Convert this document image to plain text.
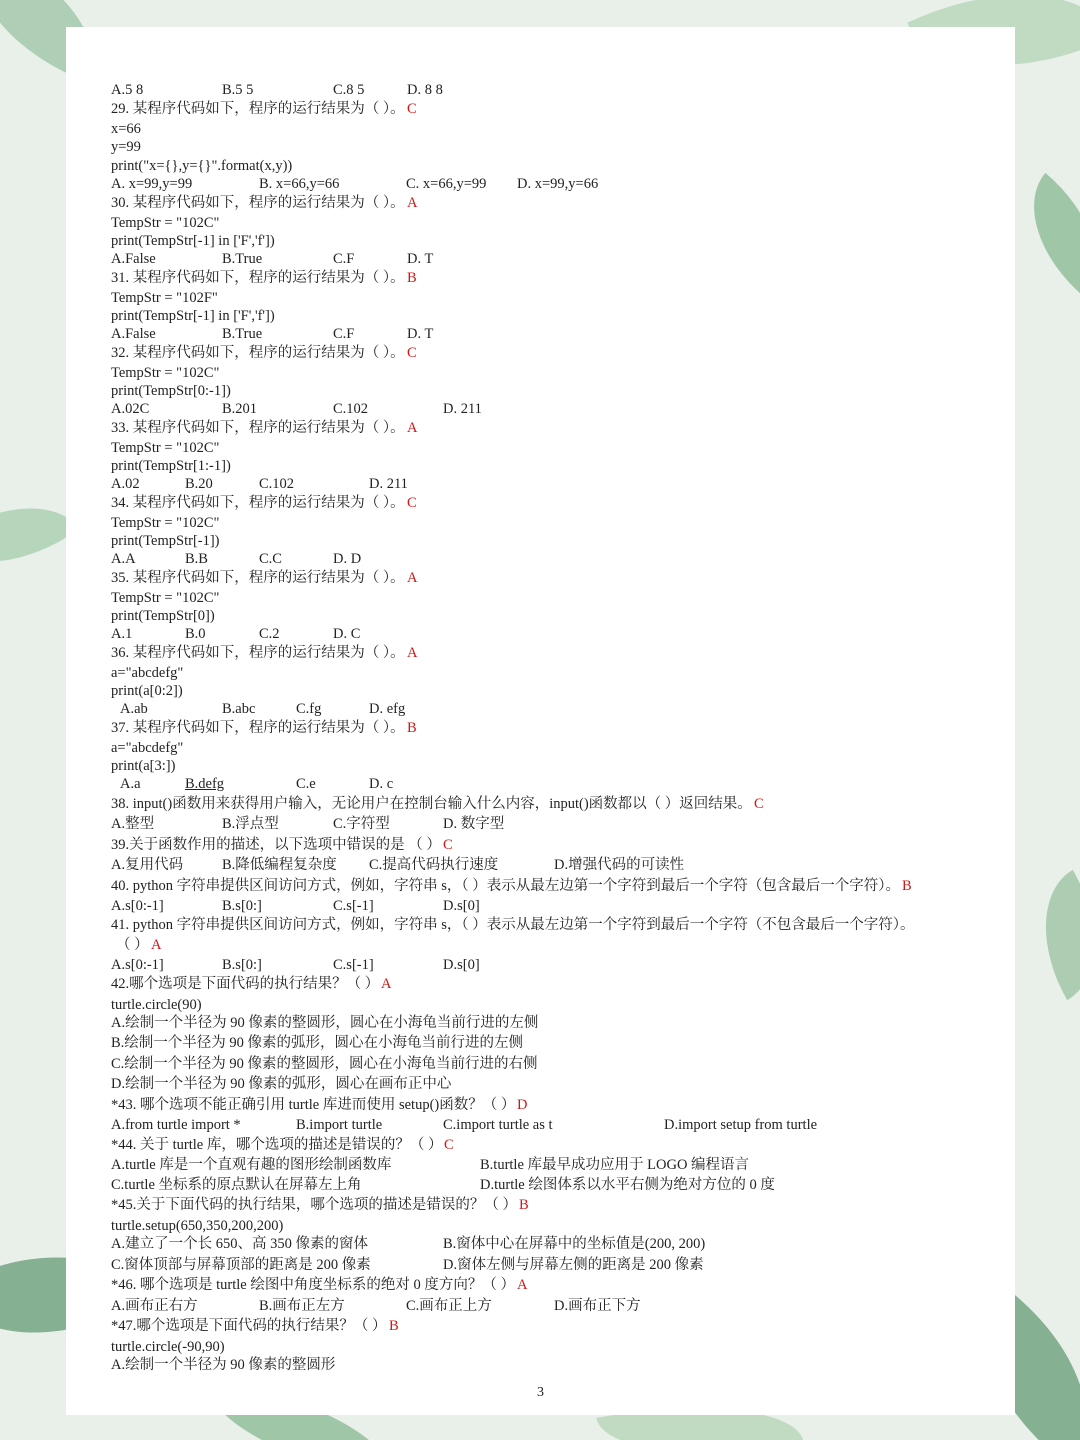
3
A.5 8	B.5 5	C.8 5	D. 8 8
29. 某程序代码如下，程序的运行结果为（ ）。 C
x=66
y=99
print("x={},y={}".format(x,y))
A. x=99,y=99	B. x=66,y=66	C. x=66,y=99 D. x=99,y=66
30. 某程序代码如下，程序的运行结果为（ ）。 A
TempStr = "102C"
print(TempStr[-1] in ['F','f'])
A.False	B.True	C.F	D. T
31. 某程序代码如下，程序的运行结果为（ ）。 B
TempStr = "102F"
print(TempStr[-1] in ['F','f'])
A.False	B.True	C.F	D. T
32. 某程序代码如下，程序的运行结果为（ ）。 C
TempStr = "102C"
print(TempStr[0:-1])
A.02C	B.201	C.102	D. 211
33. 某程序代码如下，程序的运行结果为（ ）。 A
TempStr = "102C"
print(TempStr[1:-1])
A.02	B.20	C.102	D. 211
34. 某程序代码如下，程序的运行结果为（ ）。 C
TempStr = "102C"
print(TempStr[-1])
A.A	B.B	C.C	D. D
35. 某程序代码如下，程序的运行结果为（ ）。 A
TempStr = "102C"
print(TempStr[0])
A.1	B.0	C.2	D. C
36. 某程序代码如下，程序的运行结果为（ ）。 A
a="abcdefg"
print(a[0:2])
A.ab	B.abc	C.fg	D. efg
37. 某程序代码如下，程序的运行结果为（ ）。 B
a="abcdefg"
print(a[3:])
A.a	B.defg	C.e	D. c
38. input()函数用来获得用户输入，无论用户在控制台输入什么内容，input()函数都以（ ）返回结果。 C
A.整型	B.浮点型	C.字符型	D. 数字型
39.关于函数作用的描述，以下选项中错误的是 （ ） C
A.复用代码	B.降低编程复杂度 C.提高代码执行速度	D.增强代码的可读性
40. python 字符串提供区间访问方式，例如，字符串 s，（ ）表示从最左边第一个字符到最后一个字符（包含最后一个字符）。 B
A.s[0:-1]	B.s[0:]	C.s[-1]	D.s[0]
41. python 字符串提供区间访问方式，例如，字符串 s，（ ）表示从最左边第一个字符到最后一个字符（不包含最后一个字符）。
（ ） A
A.s[0:-1]	B.s[0:]	C.s[-1]	D.s[0]
42.哪个选项是下面代码的执行结果？（ ） A
turtle.circle(90)
A.绘制一个半径为 90 像素的整圆形，圆心在小海龟当前行进的左侧
B.绘制一个半径为 90 像素的弧形，圆心在小海龟当前行进的左侧
C.绘制一个半径为 90 像素的整圆形，圆心在小海龟当前行进的右侧
D.绘制一个半径为 90 像素的弧形，圆心在画布正中心
*43. 哪个选项不能正确引用 turtle 库进而使用 setup()函数？（ ） D
A.from turtle import *	B.import turtle	C.import turtle as t	D.import setup from turtle
*44. 关于 turtle 库，哪个选项的描述是错误的？（ ） C
A.turtle 库是一个直观有趣的图形绘制函数库	B.turtle 库最早成功应用于 LOGO 编程语言
C.turtle 坐标系的原点默认在屏幕左上角	D.turtle 绘图体系以水平右侧为绝对方位的 0 度
*45.关于下面代码的执行结果，哪个选项的描述是错误的？（ ） B
turtle.setup(650,350,200,200)
A.建立了一个长 650、高 350 像素的窗体	B.窗体中心在屏幕中的坐标值是(200, 200)
C.窗体顶部与屏幕顶部的距离是 200 像素	D.窗体左侧与屏幕左侧的距离是 200 像素
*46. 哪个选项是 turtle 绘图中角度坐标系的绝对 0 度方向？（ ） A
A.画布正右方	B.画布正左方	C.画布正上方	D.画布正下方
*47.哪个选项是下面代码的执行结果？（ ） B
turtle.circle(-90,90)
A.绘制一个半径为 90 像素的整圆形
